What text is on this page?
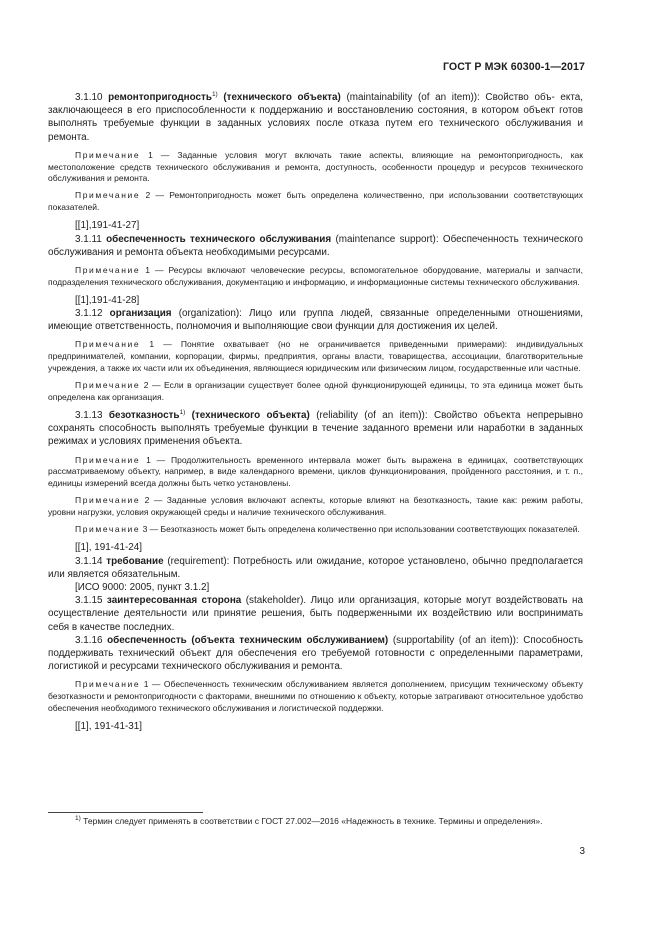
ГОСТ Р МЭК 60300-1—2017

3.1.10 ремонтопригодность$^{1)}$ (технического объекта) (maintainability (of an item)): Свойство объ- екта, заключающееся в его приспособленности к поддержанию и восстановлению состояния, в котором объект готов выполнять требуемые функции в заданных условиях после отказа путем его технического обслуживания и ремонта.

Примечание 1 — Заданные условия могут включать такие аспекты, влияющие на ремонтопригодность, как местоположение средств технического обслуживания и ремонта, доступность, особенности процедур и ресурсов технического обслуживания и ремонта.

Примечание 2 — Ремонтопригодность может быть определена количественно, при использовании соответствующих показателей.

[[1],191-41-27]

3.1.11 обеспеченность технического обслуживания (maintenance support): Обеспеченность технического обслуживания и ремонта объекта необходимыми ресурсами.

Примечание 1 — Ресурсы включают человеческие ресурсы, вспомогательное оборудование, материалы и запчасти, подразделения технического обслуживания, документацию и информацию, и информационные системы технического обслуживания.

[[1],191-41-28]

3.1.12 организация (organization): Лицо или группа людей, связанные определенными отношениями, имеющие ответственность, полномочия и выполняющие свои функции для достижения их целей.

Примечание 1 — Понятие охватывает (но не ограничивается приведенными примерами): индивидуальных предпринимателей, компании, корпорации, фирмы, предприятия, органы власти, товарищества, ассоциации, благотворительные учреждения, а также их части или их объединения, являющиеся юридическим или физическим лицом, государственные или частные.

Примечание 2 — Если в организации существует более одной функционирующей единицы, то эта единица может быть определена как организация.

3.1.13 безотказность$^{1)}$ (технического объекта) (reliability (of an item)): Свойство объекта непрерывно сохранять способность выполнять требуемые функции в течение заданного времени или наработки в заданных режимах и условиях применения объекта.

Примечание 1 — Продолжительность временного интервала может быть выражена в единицах, соответствующих рассматриваемому объекту, например, в виде календарного времени, циклов функционирования, пройденного расстояния, и т. п., единицы измерений всегда должны быть четко установлены.

Примечание 2 — Заданные условия включают аспекты, которые влияют на безотказность, такие как: режим работы, уровни нагрузки, условия окружающей среды и наличие технического обслуживания.

Примечание 3 — Безотказность может быть определена количественно при использовании соответствующих показателей.

[[1], 191-41-24]

3.1.14 требование (requirement): Потребность или ожидание, которое установлено, обычно предполагается или является обязательным.

[ИСО 9000: 2005, пункт 3.1.2]

3.1.15 заинтересованная сторона (stakeholder). Лицо или организация, которые могут воздействовать на осуществление деятельности или принятие решения, быть подверженными их воздействию или воспринимать себя в качестве последних.

3.1.16 обеспеченность (объекта техническим обслуживанием) (supportability (of an item)): Способность поддерживать технический объект для обеспечения его требуемой готовности с определенными параметрами, логистикой и ресурсами технического обслуживания и ремонта.

Примечание 1 — Обеспеченность техническим обслуживанием является дополнением, присущим техническому объекту безотказности и ремонтопригодности с факторами, внешними по отношению к объекту, которые затрагивают относительное удобство обеспечения необходимого технического обслуживания и логистической поддержки.

[[1], 191-41-31]

$^{1)}$ Термин следует применять в соответствии с ГОСТ 27.002—2016 «Надежность в технике. Термины и определения».

3
